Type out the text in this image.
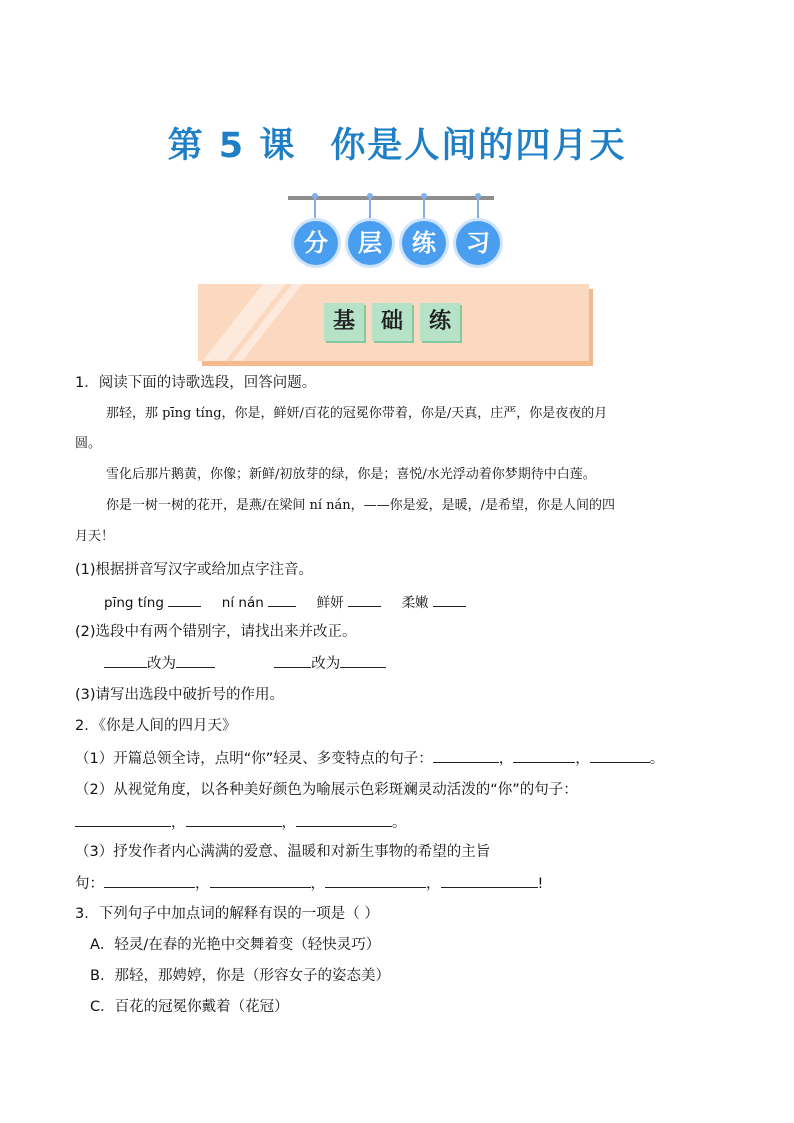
第 5 课 你是人间的四月天
分	层	练	习
基	础	练
1．阅读下面的诗歌选段，回答问题。
那轻，那 pīng tíng，你是，鲜妍/百花的冠冕你带着，你是/天真，庄严，你是夜夜的月
圆。
雪化后那片鹅黄，你像；新鲜/初放芽的绿，你是；喜悦/水光浮动着你梦期待中白莲。
你是一树一树的花开，是燕/在梁间 ní nán，——你是爱，是暖，/是希望，你是人间的四
月天！
(1)根据拼音写汉字或给加点字注音。
pīng tíng	ní nán	鲜妍	柔嫩
(2)选段中有两个错别字，请找出来并改正。
改为	改为
(3)请写出选段中破折号的作用。
2．《你是人间的四月天》
（1）开篇总领全诗，点明“你”轻灵、多变特点的句子：	，	，	。
（2）从视觉角度，以各种美好颜色为喻展示色彩斑斓灵动活泼的“你”的句子：
，	，	。
（3）抒发作者内心满满的爱意、温暖和对新生事物的希望的主旨
句：	，	，	，	!
3．下列句子中加点词的解释有误的一项是（ ）
A．轻灵/在春的光艳中交舞着变（轻快灵巧）
B．那轻，那娉婷，你是（形容女子的姿态美）
C．百花的冠冕你戴着（花冠）
